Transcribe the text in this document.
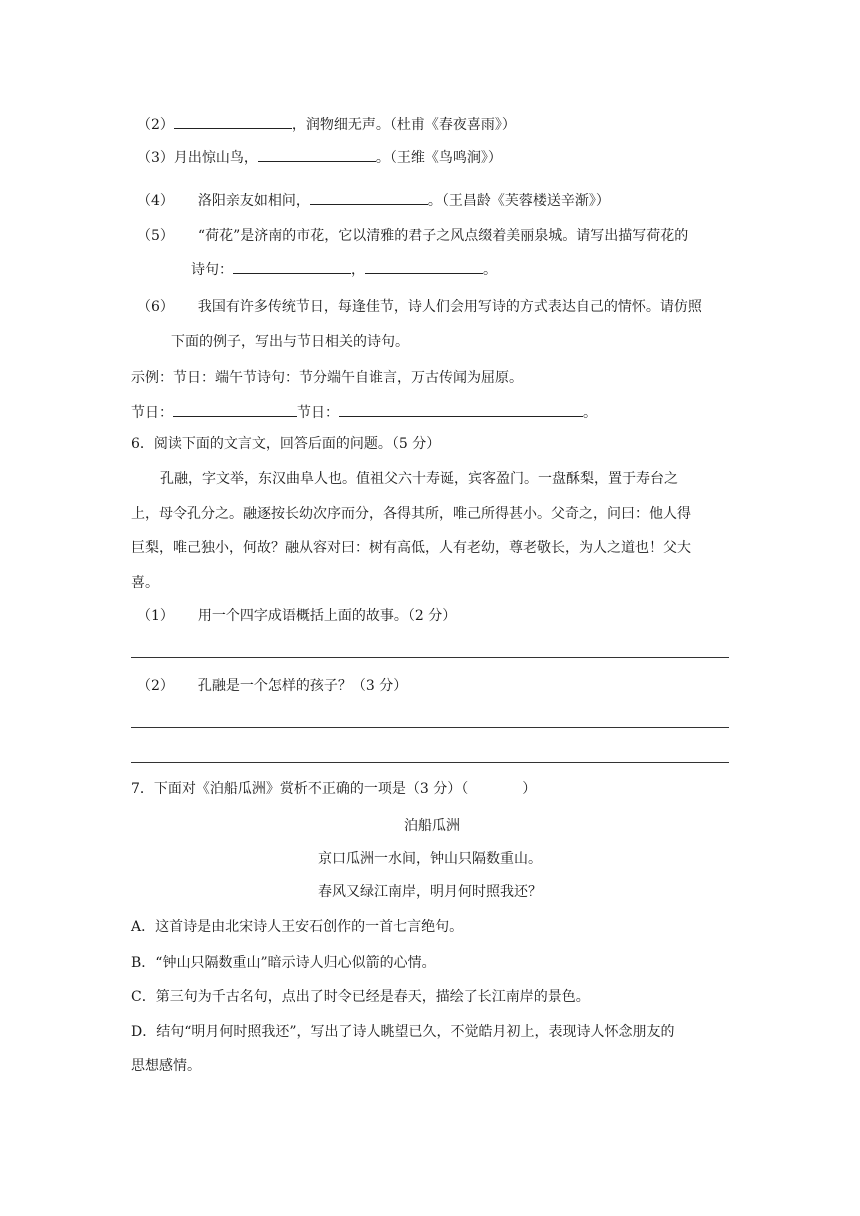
（2）	，润物细无声。（杜甫《春夜喜雨》）
（3）月出惊山鸟，	。（王维《鸟鸣涧》）
（4） 洛阳亲友如相问，	。（王昌龄《芙蓉楼送辛渐》）
（5） “荷花”是济南的市花，它以清雅的君子之风点缀着美丽泉城。请写出描写荷花的
诗句：	，	。
（6） 我国有许多传统节日，每逢佳节，诗人们会用写诗的方式表达自己的情怀。请仿照
下面的例子，写出与节日相关的诗句。
示例：节日：端午节诗句：节分端午自谁言，万古传闻为屈原。
节日：	节日：	。
6．阅读下面的文言文，回答后面的问题。（5 分）
孔融，字文举，东汉曲阜人也。值祖父六十寿诞，宾客盈门。一盘酥梨，置于寿台之
上，母令孔分之。融逐按长幼次序而分，各得其所，唯己所得甚小。父奇之，问曰：他人得
巨梨，唯己独小，何故？融从容对曰：树有高低，人有老幼，尊老敬长，为人之道也！父大
喜。
（1） 用一个四字成语概括上面的故事。（2 分）
（2） 孔融是一个怎样的孩子？（3 分）
7．下面对《泊船瓜洲》赏析不正确的一项是（3 分）（	）
泊船瓜洲
京口瓜洲一水间，钟山只隔数重山。
春风又绿江南岸，明月何时照我还？
A．这首诗是由北宋诗人王安石创作的一首七言绝句。
B．“钟山只隔数重山”暗示诗人归心似箭的心情。
C．第三句为千古名句，点出了时令已经是春天，描绘了长江南岸的景色。
D．结句“明月何时照我还”，写出了诗人眺望已久，不觉皓月初上，表现诗人怀念朋友的
思想感情。
